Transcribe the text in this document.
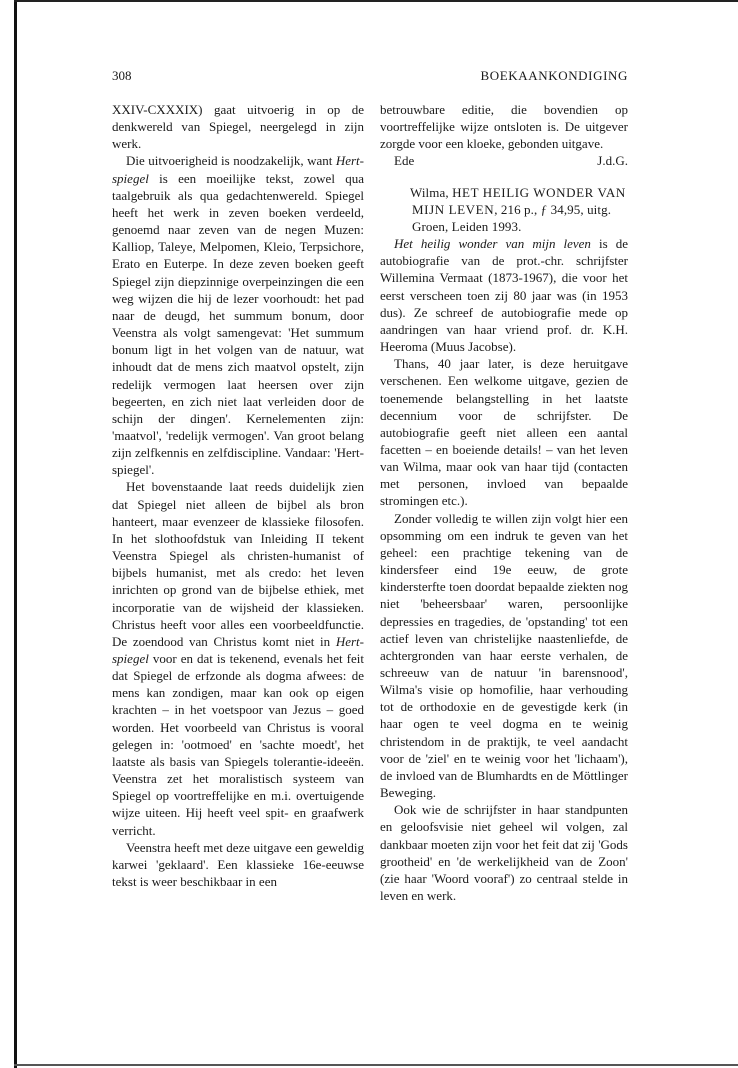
308	BOEKAANKONDIGING

XXIV-CXXXIX) gaat uitvoerig in op de denkwereld van Spiegel, neergelegd in zijn werk.

Die uitvoerigheid is noodzakelijk, want Hert-spiegel is een moeilijke tekst, zowel qua taalgebruik als qua gedachtenwereld. Spiegel heeft het werk in zeven boeken verdeeld, genoemd naar zeven van de negen Muzen: Kalliop, Taleye, Melpomen, Kleio, Terpsichore, Erato en Euterpe. In deze zeven boeken geeft Spiegel zijn diepzinnige overpeinzingen die een weg wijzen die hij de lezer voorhoudt: het pad naar de deugd, het summum bonum, door Veenstra als volgt samengevat: 'Het summum bonum ligt in het volgen van de natuur, wat inhoudt dat de mens zich maatvol opstelt, zijn redelijk vermogen laat heersen over zijn begeerten, en zich niet laat verleiden door de schijn der dingen'. Kernelementen zijn: 'maatvol', 'redelijk vermogen'. Van groot belang zijn zelfkennis en zelfdiscipline. Vandaar: 'Hert-spiegel'.

Het bovenstaande laat reeds duidelijk zien dat Spiegel niet alleen de bijbel als bron hanteert, maar evenzeer de klassieke filosofen. In het slothoofdstuk van Inleiding II tekent Veenstra Spiegel als christen-humanist of bijbels humanist, met als credo: het leven inrichten op grond van de bijbelse ethiek, met incorporatie van de wijsheid der klassieken. Christus heeft voor alles een voorbeeldfunctie. De zoendood van Christus komt niet in Hert-spiegel voor en dat is tekenend, evenals het feit dat Spiegel de erfzonde als dogma afwees: de mens kan zondigen, maar kan ook op eigen krachten – in het voetspoor van Jezus – goed worden. Het voorbeeld van Christus is vooral gelegen in: 'ootmoed' en 'sachte moedt', het laatste als basis van Spiegels tolerantie-ideeën. Veenstra zet het moralistisch systeem van Spiegel op voortreffelijke en m.i. overtuigende wijze uiteen. Hij heeft veel spit- en graafwerk verricht.

Veenstra heeft met deze uitgave een geweldig karwei 'geklaard'. Een klassieke 16e-eeuwse tekst is weer beschikbaar in een

betrouwbare editie, die bovendien op voortreffelijke wijze ontsloten is. De uitgever zorgde voor een kloeke, gebonden uitgave.

Ede	J.d.G.

Wilma, HET HEILIG WONDER VAN MIJN LEVEN, 216 p., ƒ 34,95, uitg. Groen, Leiden 1993.

Het heilig wonder van mijn leven is de autobiografie van de prot.-chr. schrijfster Willemina Vermaat (1873-1967), die voor het eerst verscheen toen zij 80 jaar was (in 1953 dus). Ze schreef de autobiografie mede op aandringen van haar vriend prof. dr. K.H. Heeroma (Muus Jacobse).

Thans, 40 jaar later, is deze heruitgave verschenen. Een welkome uitgave, gezien de toenemende belangstelling in het laatste decennium voor de schrijfster. De autobiografie geeft niet alleen een aantal facetten – en boeiende details! – van het leven van Wilma, maar ook van haar tijd (contacten met personen, invloed van bepaalde stromingen etc.).

Zonder volledig te willen zijn volgt hier een opsomming om een indruk te geven van het geheel: een prachtige tekening van de kindersfeer eind 19e eeuw, de grote kindersterfte toen doordat bepaalde ziekten nog niet 'beheersbaar' waren, persoonlijke depressies en tragedies, de 'opstanding' tot een actief leven van christelijke naastenliefde, de achtergronden van haar eerste verhalen, de schreeuw van de natuur 'in barensnood', Wilma's visie op homofilie, haar verhouding tot de orthodoxie en de gevestigde kerk (in haar ogen te veel dogma en te weinig christendom in de praktijk, te veel aandacht voor de 'ziel' en te weinig voor het 'lichaam'), de invloed van de Blumhardts en de Möttlinger Beweging.

Ook wie de schrijfster in haar standpunten en geloofsvisie niet geheel wil volgen, zal dankbaar moeten zijn voor het feit dat zij 'Gods grootheid' en 'de werkelijkheid van de Zoon' (zie haar 'Woord vooraf') zo centraal stelde in leven en werk.
